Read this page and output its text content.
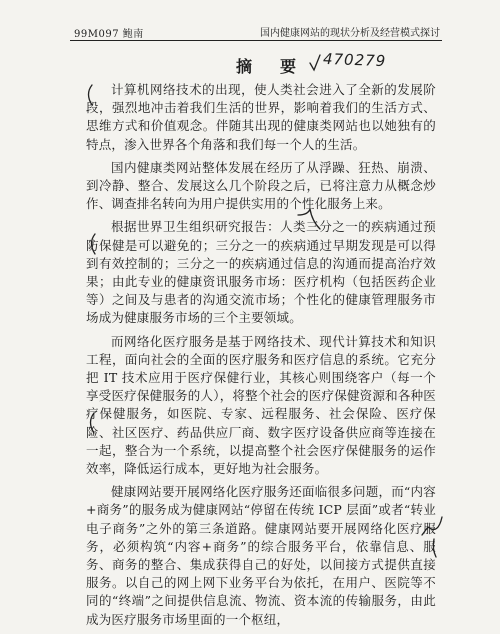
99M097 鲍南	国内健康网站的现状分析及经营模式探讨
摘　要 470279

计算机网络技术的出现，使人类社会进入了全新的发展阶段，强烈地冲击着我们生活的世界，影响着我们的生活方式、思维方式和价值观念。伴随其出现的健康类网站也以她独有的特点，渗入世界各个角落和我们每一个人的生活。

国内健康类网站整体发展在经历了从浮躁、狂热、崩溃、到冷静、整合、发展这么几个阶段之后，已将注意力从概念炒作、调查排名转向为用户提供实用的个性化服务上来。

根据世界卫生组织研究报告：人类三分之一的疾病通过预防保健是可以避免的；三分之一的疾病通过早期发现是可以得到有效控制的；三分之一的疾病通过信息的沟通而提高治疗效果；由此专业的健康资讯服务市场：医疗机构（包括医药企业等）之间及与患者的沟通交流市场；个性化的健康管理服务市场成为健康服务市场的三个主要领域。

而网络化医疗服务是基于网络技术、现代计算技术和知识工程，面向社会的全面的医疗服务和医疗信息的系统。它充分把 IT 技术应用于医疗保健行业，其核心则围绕客户（每一个享受医疗保健服务的人），将整个社会的医疗保健资源和各种医疗保健服务，如医院、专家、远程服务、社会保险、医疗保险、社区医疗、药品供应厂商、数字医疗设备供应商等连接在一起，整合为一个系统，以提高整个社会医疗保健服务的运作效率，降低运行成本，更好地为社会服务。

健康网站要开展网络化医疗服务还面临很多问题，而“内容+商务”的服务成为健康网站“停留在传统 ICP 层面”或者“转业电子商务”之外的第三条道路。健康网站要开展网络化医疗服务，必须构筑“内容+商务”的综合服务平台，依靠信息、服务、商务的整合、集成获得自己的好处，以间接方式提供直接服务。以自己的网上网下业务平台为依托，在用户、医院等不同的“终端”之间提供信息流、物流、资本流的传输服务，由此成为医疗服务市场里面的一个枢纽，
